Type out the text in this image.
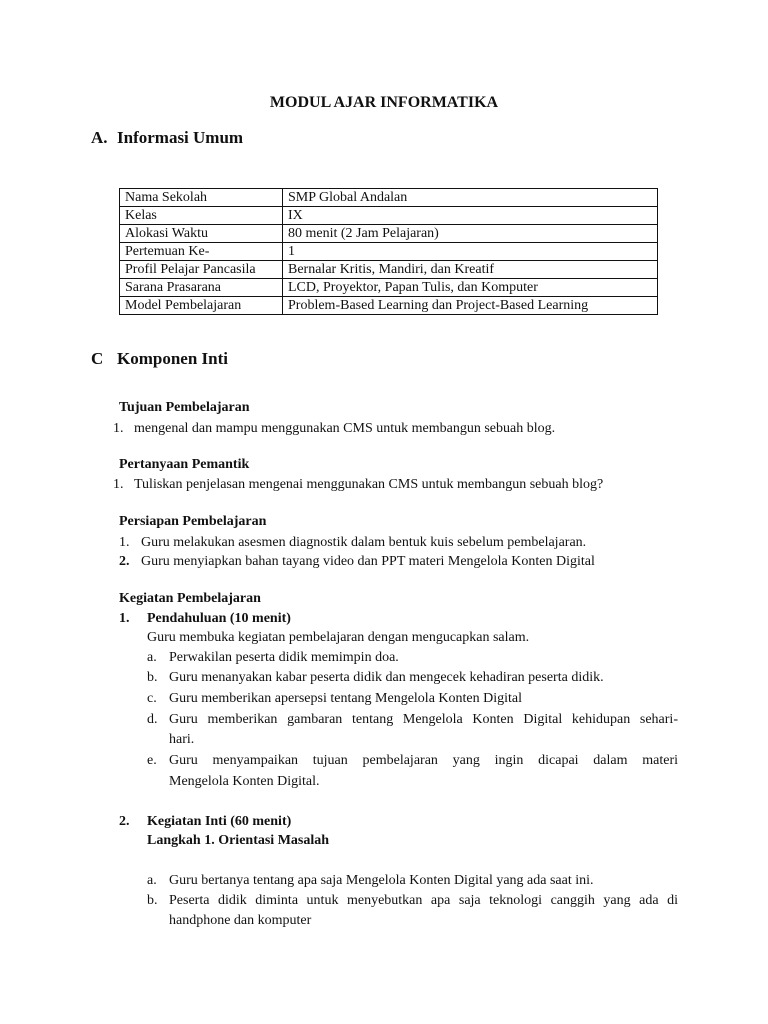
MODUL AJAR INFORMATIKA
A. Informasi Umum
Nama Sekolah	SMP Global Andalan
Kelas	IX
Alokasi Waktu	80 menit (2 Jam Pelajaran)
Pertemuan Ke-	1
Profil Pelajar Pancasila	Bernalar Kritis, Mandiri, dan Kreatif
Sarana Prasarana	LCD, Proyektor, Papan Tulis, dan Komputer
Model Pembelajaran	Problem-Based Learning dan Project-Based Learning
C Komponen Inti
Tujuan Pembelajaran
1. mengenal dan mampu menggunakan CMS untuk membangun sebuah blog.
Pertanyaan Pemantik
1. Tuliskan penjelasan mengenai menggunakan CMS untuk membangun sebuah blog?
Persiapan Pembelajaran
1. Guru melakukan asesmen diagnostik dalam bentuk kuis sebelum pembelajaran.
2. Guru menyiapkan bahan tayang video dan PPT materi Mengelola Konten Digital
Kegiatan Pembelajaran
1. Pendahuluan (10 menit)
Guru membuka kegiatan pembelajaran dengan mengucapkan salam.
a. Perwakilan peserta didik memimpin doa.
b. Guru menanyakan kabar peserta didik dan mengecek kehadiran peserta didik.
c. Guru memberikan apersepsi tentang Mengelola Konten Digital
d. Guru memberikan gambaran tentang Mengelola Konten Digital kehidupan sehari-
hari.
e. Guru menyampaikan tujuan pembelajaran yang ingin dicapai dalam materi
Mengelola Konten Digital.
2. Kegiatan Inti (60 menit)
Langkah 1. Orientasi Masalah
a. Guru bertanya tentang apa saja Mengelola Konten Digital yang ada saat ini.
b. Peserta didik diminta untuk menyebutkan apa saja teknologi canggih yang ada di
handphone dan komputer
